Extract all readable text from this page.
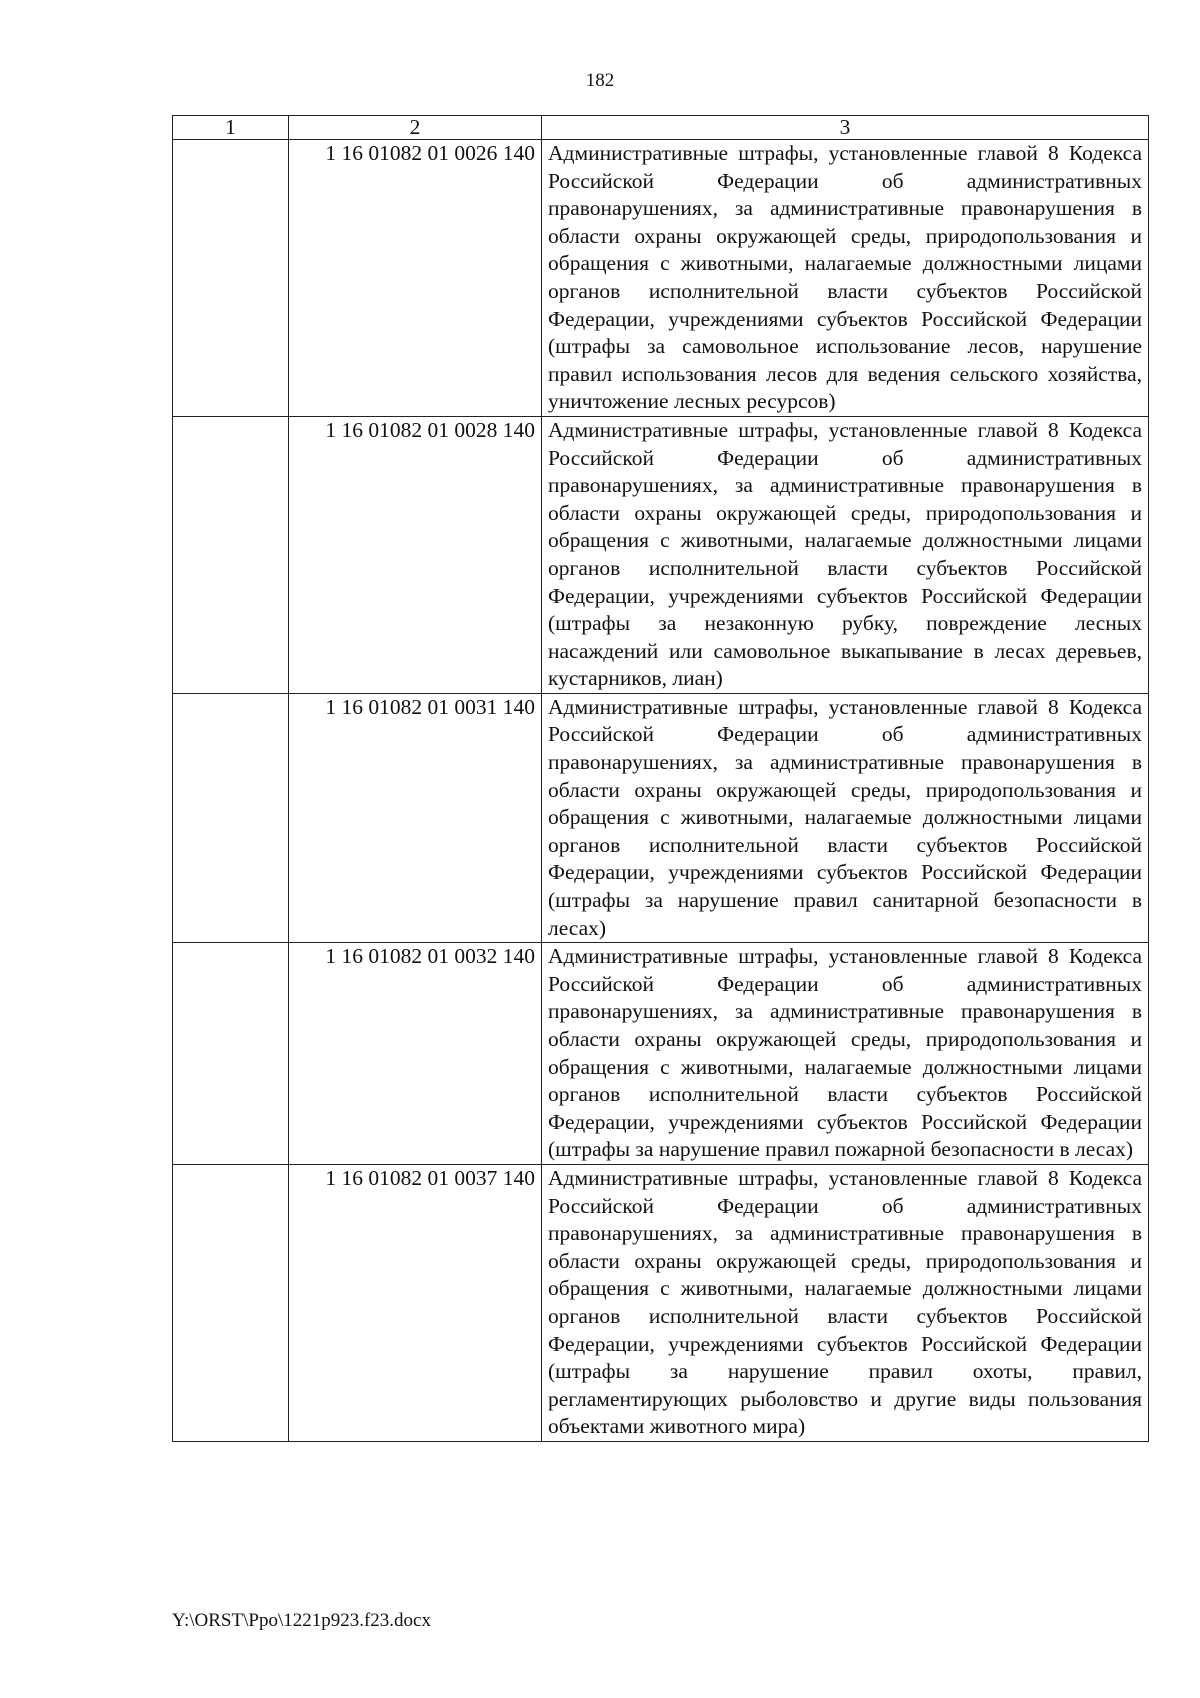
182
1	2	3
	1 16 01082 01 0026 140	Административные штрафы, установленные главой 8 Кодекса Российской Федерации об административных правонарушениях, за административные правонарушения в области охраны окружающей среды, природопользования и обращения с животными, налагаемые должностными лицами органов исполнительной власти субъектов Российской Федерации, учреждениями субъектов Российской Федерации (штрафы за самовольное использование лесов, нарушение правил использования лесов для ведения сельского хозяйства, уничтожение лесных ресурсов)
	1 16 01082 01 0028 140	Административные штрафы, установленные главой 8 Кодекса Российской Федерации об административных правонарушениях, за административные правонарушения в области охраны окружающей среды, природопользования и обращения с животными, налагаемые должностными лицами органов исполнительной власти субъектов Российской Федерации, учреждениями субъектов Российской Федерации (штрафы за незаконную рубку, повреждение лесных насаждений или самовольное выкапывание в лесах деревьев, кустарников, лиан)
	1 16 01082 01 0031 140	Административные штрафы, установленные главой 8 Кодекса Российской Федерации об административных правонарушениях, за административные правонарушения в области охраны окружающей среды, природопользования и обращения с животными, налагаемые должностными лицами органов исполнительной власти субъектов Российской Федерации, учреждениями субъектов Российской Федерации (штрафы за нарушение правил санитарной безопасности в лесах)
	1 16 01082 01 0032 140	Административные штрафы, установленные главой 8 Кодекса Российской Федерации об административных правонарушениях, за административные правонарушения в области охраны окружающей среды, природопользования и обращения с животными, налагаемые должностными лицами органов исполнительной власти субъектов Российской Федерации, учреждениями субъектов Российской Федерации (штрафы за нарушение правил пожарной безопасности в лесах)
	1 16 01082 01 0037 140	Административные штрафы, установленные главой 8 Кодекса Российской Федерации об административных правонарушениях, за административные правонарушения в области охраны окружающей среды, природопользования и обращения с животными, налагаемые должностными лицами органов исполнительной власти субъектов Российской Федерации, учреждениями субъектов Российской Федерации (штрафы за нарушение правил охоты, правил, регламентирующих рыболовство и другие виды пользования объектами животного мира)
Y:\ORST\Ppo\1221p923.f23.docx
